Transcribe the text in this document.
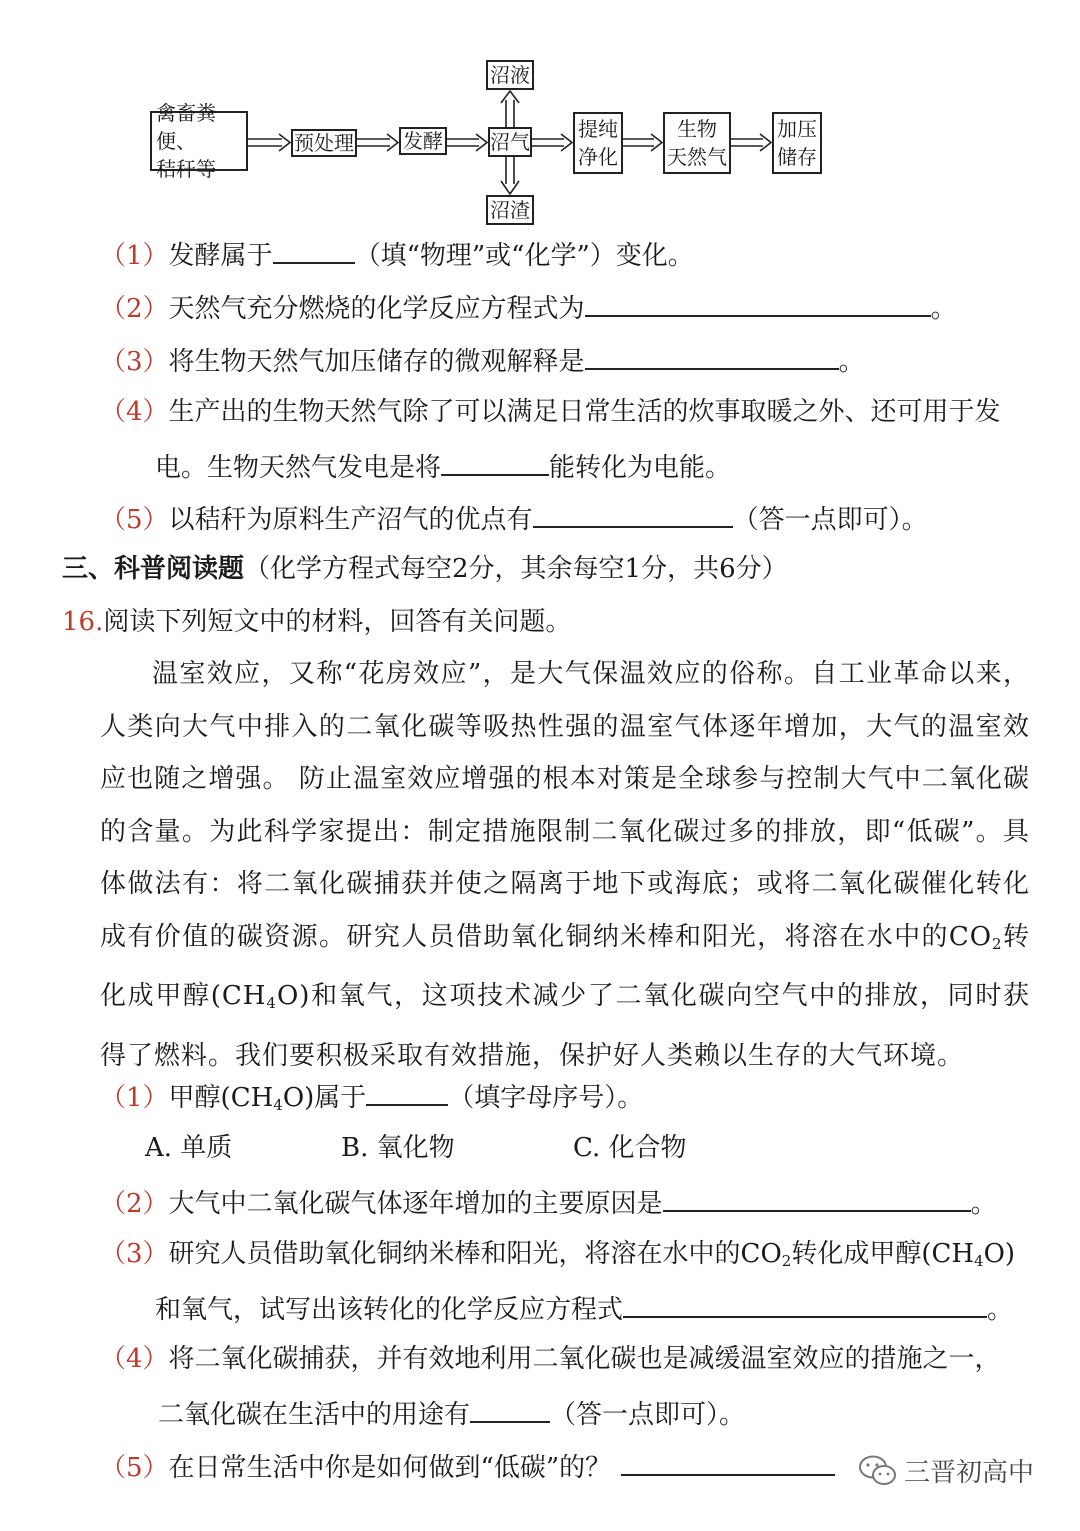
禽畜粪便、
秸秆等
预处理 发酵 沼气
沼液
沼渣
提纯
净化
生物
天然气
加压
储存
（1）发酵属于	（填“物理”或“化学”）变化。
（2）天然气充分燃烧的化学反应方程式为	。
（3）将生物天然气加压储存的微观解释是	。
（4）生产出的生物天然气除了可以满足日常生活的炊事取暖之外、还可用于发
电。生物天然气发电是将	能转化为电能。
（5）以秸秆为原料生产沼气的优点有	（答一点即可）。
三、科普阅读题（化学方程式每空2分，其余每空1分，共6分）
16.阅读下列短文中的材料，回答有关问题。
温室效应，又称“花房效应”，是大气保温效应的俗称。自工业革命以来，人类向大气中排入的二氧化碳等吸热性强的温室气体逐年增加，大气的温室效应也随之增强。 防止温室效应增强的根本对策是全球参与控制大气中二氧化碳的含量。为此科学家提出：制定措施限制二氧化碳过多的排放，即“低碳”。具体做法有：将二氧化碳捕获并使之隔离于地下或海底；或将二氧化碳催化转化成有价值的碳资源。研究人员借助氧化铜纳米棒和阳光，将溶在水中的$CO_2$转化成甲醇$(CH_4O)$和氧气，这项技术减少了二氧化碳向空气中的排放，同时获得了燃料。我们要积极采取有效措施，保护好人类赖以生存的大气环境。
（1）甲醇$(CH_4O)$属于	（填字母序号）。
A. 单质	B. 氧化物	C. 化合物
（2）大气中二氧化碳气体逐年增加的主要原因是	。
（3）研究人员借助氧化铜纳米棒和阳光，将溶在水中的$CO_2$转化成甲醇$(CH_4O)$
和氧气，试写出该转化的化学反应方程式	。
（4）将二氧化碳捕获，并有效地利用二氧化碳也是减缓温室效应的措施之一，
二氧化碳在生活中的用途有	（答一点即可）。
（5）在日常生活中你是如何做到“低碳”的？	三晋初高中
